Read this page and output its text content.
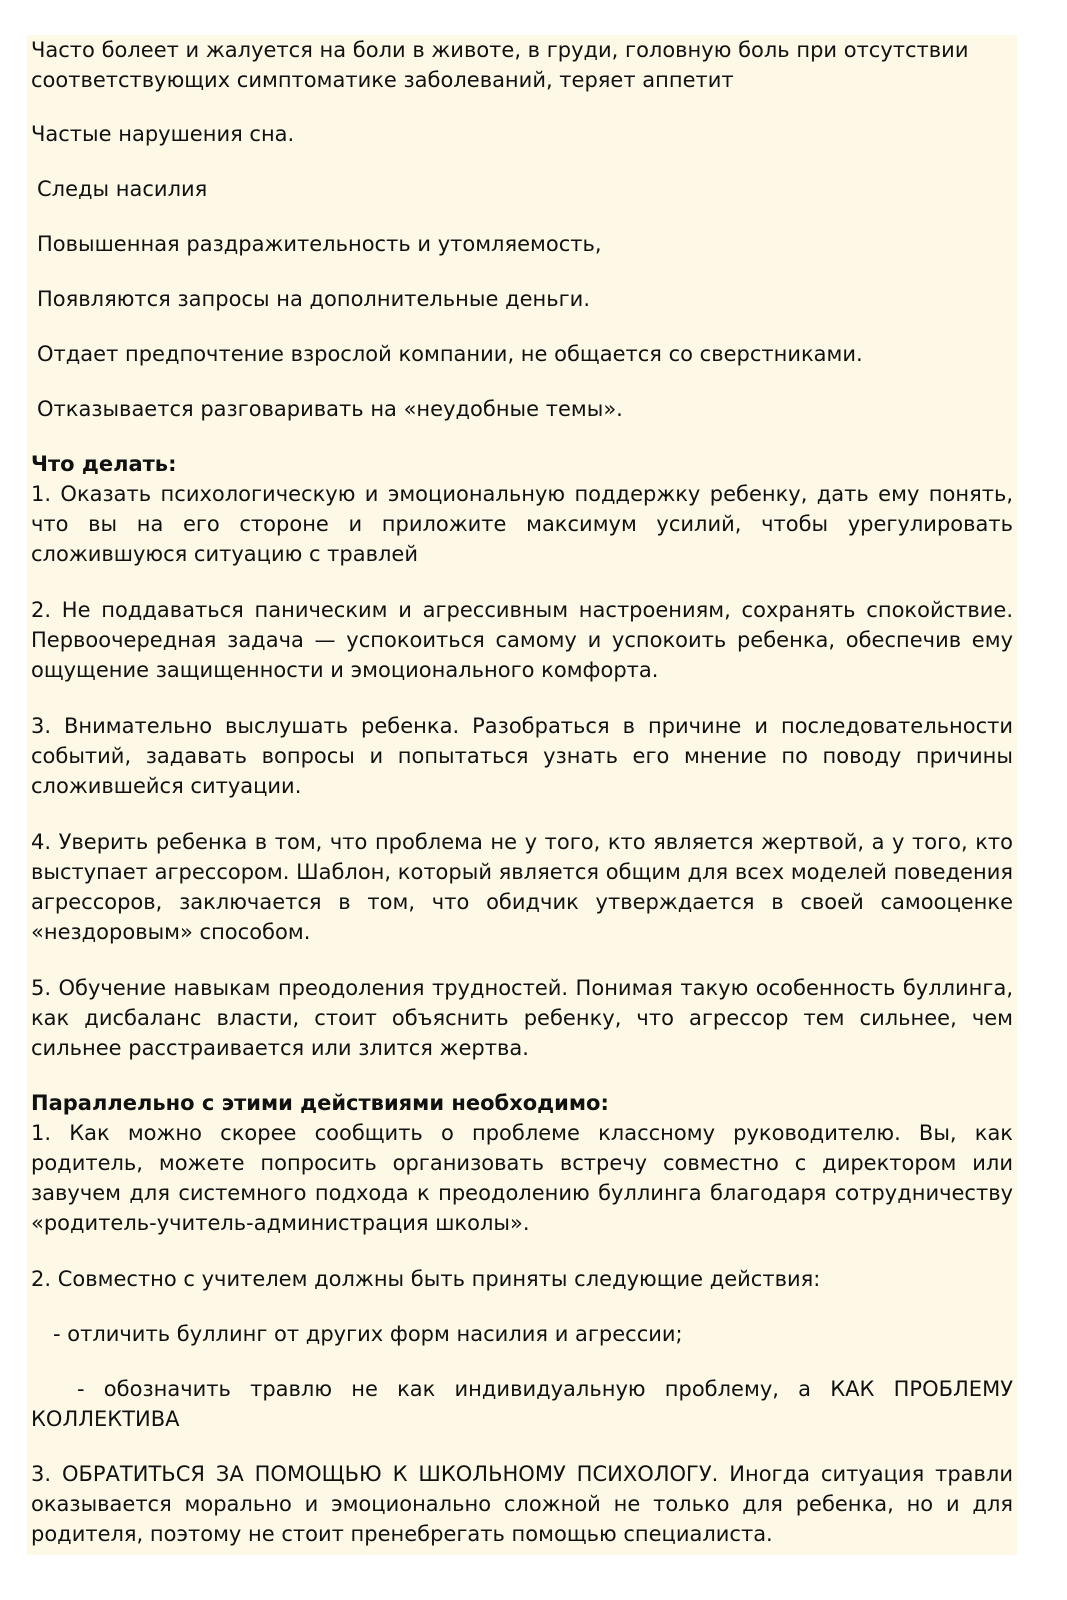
Часто болеет и жалуется на боли в животе, в груди, головную боль при отсутствии соответствующих симптоматике заболеваний, теряет аппетит

Частые нарушения сна.

Следы насилия

Повышенная раздражительность и утомляемость,

Появляются запросы на дополнительные деньги.

Отдает предпочтение взрослой компании, не общается со сверстниками.

Отказывается разговаривать на «неудобные темы».

Что делать:

1. Оказать психологическую и эмоциональную поддержку ребенку, дать ему понять, что вы на его стороне и приложите максимум усилий, чтобы урегулировать сложившуюся ситуацию с травлей

2. Не поддаваться паническим и агрессивным настроениям, сохранять спокойствие. Первоочередная задача — успокоиться самому и успокоить ребенка, обеспечив ему ощущение защищенности и эмоционального комфорта.

3. Внимательно выслушать ребенка. Разобраться в причине и последовательности событий, задавать вопросы и попытаться узнать его мнение по поводу причины сложившейся ситуации.

4. Уверить ребенка в том, что проблема не у того, кто является жертвой, а у того, кто выступает агрессором. Шаблон, который является общим для всех моделей поведения агрессоров, заключается в том, что обидчик утверждается в своей самооценке «нездоровым» способом.

5. Обучение навыкам преодоления трудностей. Понимая такую особенность буллинга, как дисбаланс власти, стоит объяснить ребенку, что агрессор тем сильнее, чем сильнее расстраивается или злится жертва.

Параллельно с этими действиями необходимо:

1. Как можно скорее сообщить о проблеме классному руководителю. Вы, как родитель, можете попросить организовать встречу совместно с директором или завучем для системного подхода к преодолению буллинга благодаря сотрудничеству «родитель-учитель-администрация школы».

2. Совместно с учителем должны быть приняты следующие действия:

- отличить буллинг от других форм насилия и агрессии;

- обозначить травлю не как индивидуальную проблему, а КАК ПРОБЛЕМУ КОЛЛЕКТИВА

3. ОБРАТИТЬСЯ ЗА ПОМОЩЬЮ К ШКОЛЬНОМУ ПСИХОЛОГУ. Иногда ситуация травли оказывается морально и эмоционально сложной не только для ребенка, но и для родителя, поэтому не стоит пренебрегать помощью специалиста.
